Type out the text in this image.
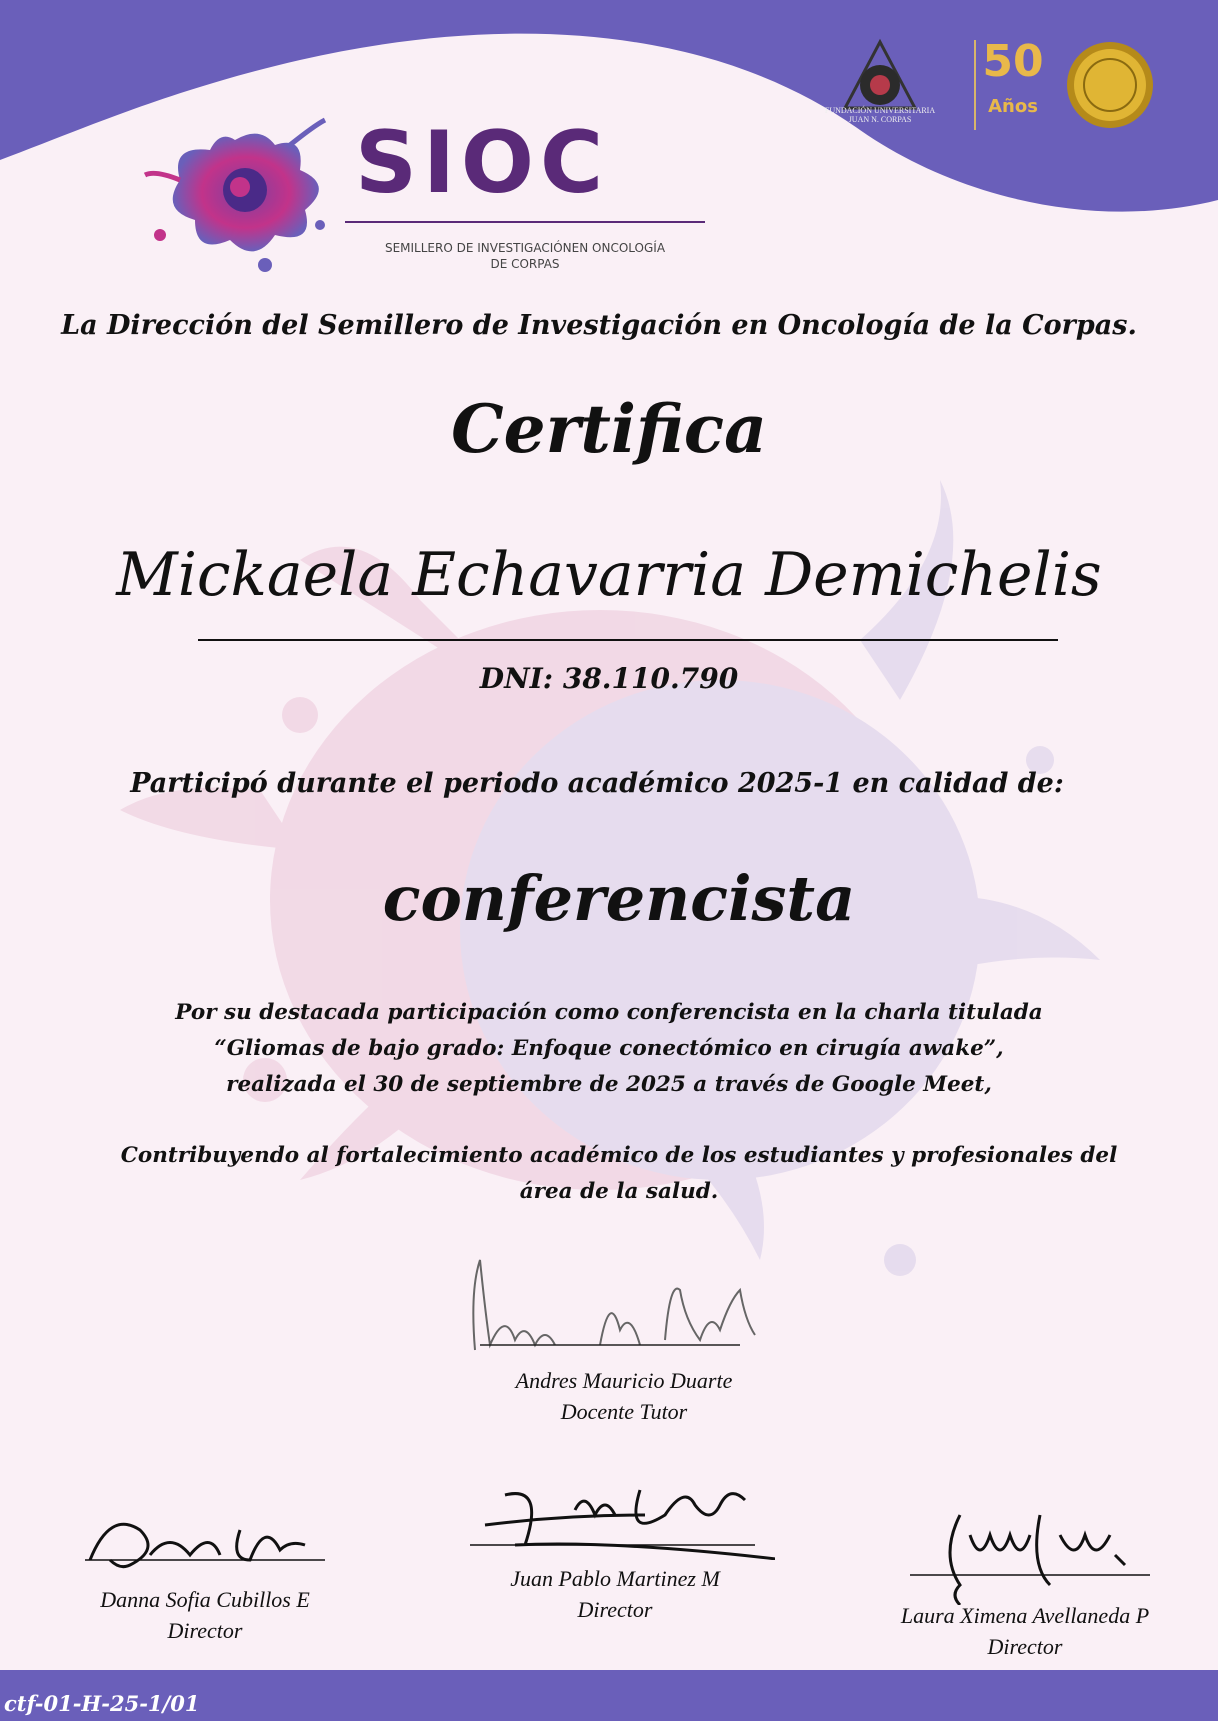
FUNDACIÓN UNIVERSITARIA
JUAN N. CORPAS
50
Años
SIOC
SEMILLERO DE INVESTIGACIÓNEN ONCOLOGÍA
DE CORPAS
La Dirección del Semillero de Investigación en Oncología de la Corpas.
Certifica
Mickaela Echavarria Demichelis
DNI: 38.110.790
Participó durante el periodo académico 2025-1 en calidad de:
conferencista
Por su destacada participación como conferencista en la charla titulada
“Gliomas de bajo grado: Enfoque conectómico en cirugía awake”,
realizada el 30 de septiembre de 2025 a través de Google Meet,
Contribuyendo al fortalecimiento académico de los estudiantes y profesionales del
área de la salud.
Andres Mauricio Duarte
Docente Tutor
Danna Sofia Cubillos E
Director
Juan Pablo Martinez M
Director	Laura Ximena Avellaneda P
Director
ctf-01-H-25-1/01
